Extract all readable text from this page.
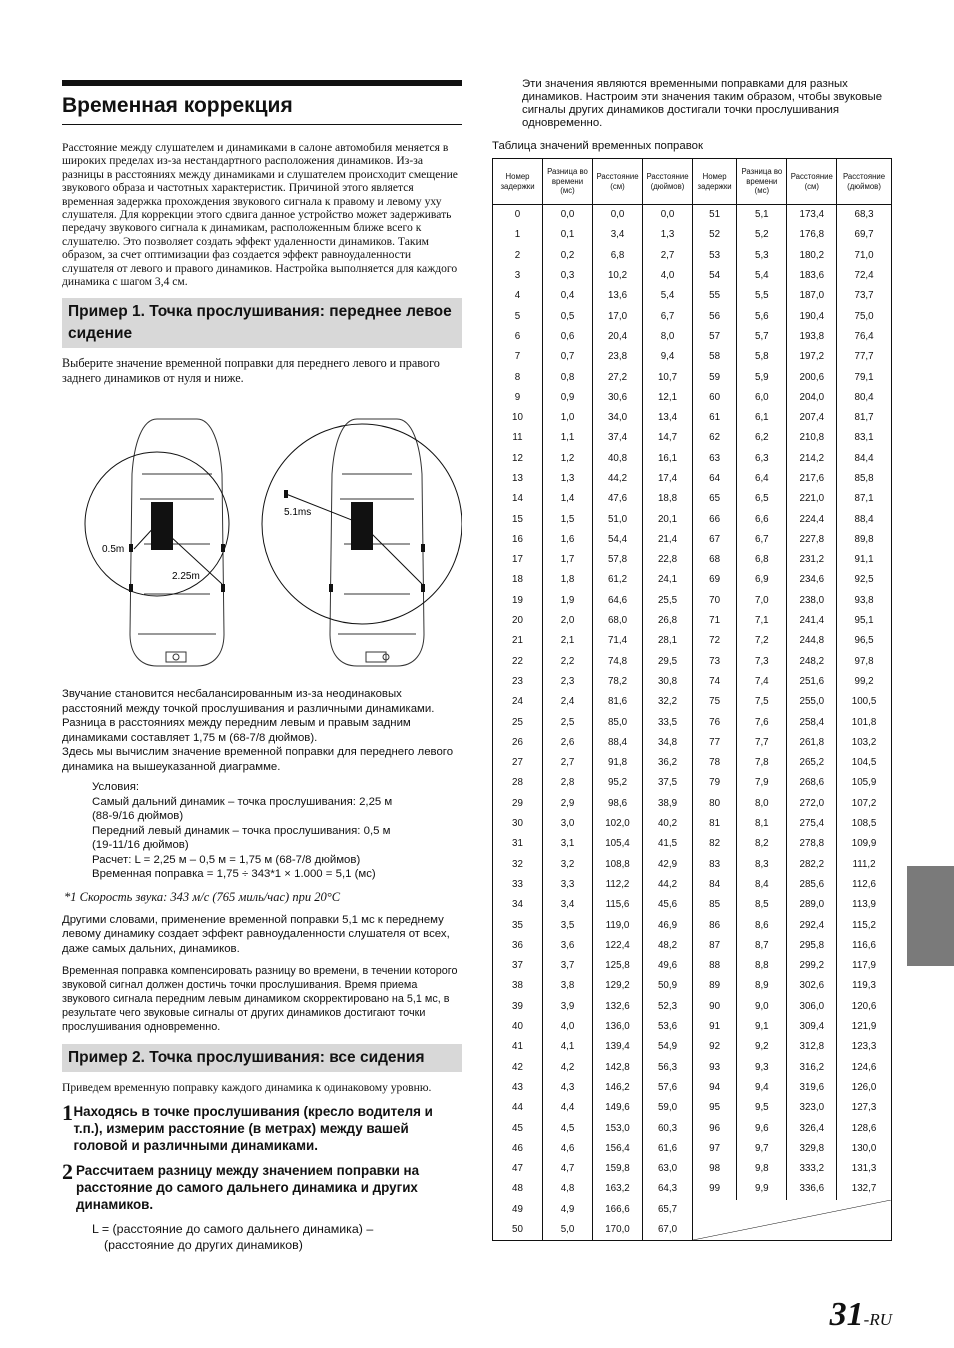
Временная коррекция

Расстояние между слушателем и динамиками в салоне автомобиля меняется в широких пределах из-за нестандартного расположения динамиков. Из-за разницы в расстояниях между динамиками и слушателем происходит смещение звукового образа и частотных характеристик. Причиной этого является временная задержка прохождения звукового сигнала к правому и левому уху слушателя. Для коррекции этого сдвига данное устройство может задерживать передачу звукового сигнала к динамикам, расположенным ближе всего к слушателю. Это позволяет создать эффект удаленности динамиков. Таким образом, за счет оптимизации фаз создается эффект равноудаленности слушателя от левого и правого динамиков. Настройка выполняется для каждого динамика с шагом 3,4 см.

Пример 1. Точка прослушивания: переднее левое сидение

Выберите значение временной поправки для переднего левого и правого заднего динамиков от нуля и ниже.

0.5m
2.25m
5.1ms

Звучание становится несбалансированным из-за неодинаковых расстояний между точкой прослушивания и различными динамиками.

Разница в расстояниях между передним левым и правым задним динамиками составляет 1,75 м (68-7/8 дюймов).

Здесь мы вычислим значение временной поправки для переднего левого динамика на вышеуказанной диаграмме.

Условия:
Самый дальний динамик – точка прослушивания: 2,25 м
(88-9/16 дюймов)
Передний левый динамик – точка прослушивания: 0,5 м
(19-11/16 дюймов)
Расчет: L = 2,25 м – 0,5 м = 1,75 м (68-7/8 дюймов)
Временная поправка = 1,75 ÷ 343*1 × 1.000 = 5,1 (мс)

*1 Скорость звука: 343 м/с (765 миль/час) при 20°C

Другими словами, применение временной поправки 5,1 мс к переднему левому динамику создает эффект равноудаленности слушателя от всех, даже самых дальних, динамиков.

Временная поправка компенсировать разницу во времени, в течении которого звуковой сигнал должен достичь точки прослушивания. Время приема звукового сигнала передним левым динамиком скорректировано на 5,1 мс, в результате чего звуковые сигналы от других динамиков достигают точки прослушивания одновременно.

Пример 2. Точка прослушивания: все сидения

Приведем временную поправку каждого динамика к одинаковому уровню.

1 Находясь в точке прослушивания (кресло водителя и т.п.), измерим расстояние (в метрах) между вашей головой и различными динамиками.
2 Рассчитаем разницу между значением поправки на расстояние до самого дальнего динамика и других динамиков.
L = (расстояние до самого дальнего динамика) –
(расстояние до других динамиков)

Эти значения являются временными поправками для разных динамиков. Настроим эти значения таким образом, чтобы звуковые сигналы других динамиков достигали точки прослушивания одновременно.

Таблица значений временных поправок

Номер задержки	Разница во времени (мс)	Расстояние (см)	Расстояние (дюймов)	Номер задержки	Разница во времени (мс)	Расстояние (см)	Расстояние (дюймов)
0	0,0	0,0	0,0	51	5,1	173,4	68,3
1	0,1	3,4	1,3	52	5,2	176,8	69,7
2	0,2	6,8	2,7	53	5,3	180,2	71,0
3	0,3	10,2	4,0	54	5,4	183,6	72,4
4	0,4	13,6	5,4	55	5,5	187,0	73,7
5	0,5	17,0	6,7	56	5,6	190,4	75,0
6	0,6	20,4	8,0	57	5,7	193,8	76,4
7	0,7	23,8	9,4	58	5,8	197,2	77,7
8	0,8	27,2	10,7	59	5,9	200,6	79,1
9	0,9	30,6	12,1	60	6,0	204,0	80,4
10	1,0	34,0	13,4	61	6,1	207,4	81,7
11	1,1	37,4	14,7	62	6,2	210,8	83,1
12	1,2	40,8	16,1	63	6,3	214,2	84,4
13	1,3	44,2	17,4	64	6,4	217,6	85,8
14	1,4	47,6	18,8	65	6,5	221,0	87,1
15	1,5	51,0	20,1	66	6,6	224,4	88,4
16	1,6	54,4	21,4	67	6,7	227,8	89,8
17	1,7	57,8	22,8	68	6,8	231,2	91,1
18	1,8	61,2	24,1	69	6,9	234,6	92,5
19	1,9	64,6	25,5	70	7,0	238,0	93,8
20	2,0	68,0	26,8	71	7,1	241,4	95,1
21	2,1	71,4	28,1	72	7,2	244,8	96,5
22	2,2	74,8	29,5	73	7,3	248,2	97,8
23	2,3	78,2	30,8	74	7,4	251,6	99,2
24	2,4	81,6	32,2	75	7,5	255,0	100,5
25	2,5	85,0	33,5	76	7,6	258,4	101,8
26	2,6	88,4	34,8	77	7,7	261,8	103,2
27	2,7	91,8	36,2	78	7,8	265,2	104,5
28	2,8	95,2	37,5	79	7,9	268,6	105,9
29	2,9	98,6	38,9	80	8,0	272,0	107,2
30	3,0	102,0	40,2	81	8,1	275,4	108,5
31	3,1	105,4	41,5	82	8,2	278,8	109,9
32	3,2	108,8	42,9	83	8,3	282,2	111,2
33	3,3	112,2	44,2	84	8,4	285,6	112,6
34	3,4	115,6	45,6	85	8,5	289,0	113,9
35	3,5	119,0	46,9	86	8,6	292,4	115,2
36	3,6	122,4	48,2	87	8,7	295,8	116,6
37	3,7	125,8	49,6	88	8,8	299,2	117,9
38	3,8	129,2	50,9	89	8,9	302,6	119,3
39	3,9	132,6	52,3	90	9,0	306,0	120,6
40	4,0	136,0	53,6	91	9,1	309,4	121,9
41	4,1	139,4	54,9	92	9,2	312,8	123,3
42	4,2	142,8	56,3	93	9,3	316,2	124,6
43	4,3	146,2	57,6	94	9,4	319,6	126,0
44	4,4	149,6	59,0	95	9,5	323,0	127,3
45	4,5	153,0	60,3	96	9,6	326,4	128,6
46	4,6	156,4	61,6	97	9,7	329,8	130,0
47	4,7	159,8	63,0	98	9,8	333,2	131,3
48	4,8	163,2	64,3	99	9,9	336,6	132,7
49	4,9	166,6	65,7	

50	5,0	170,0	67,0				
31-RU
